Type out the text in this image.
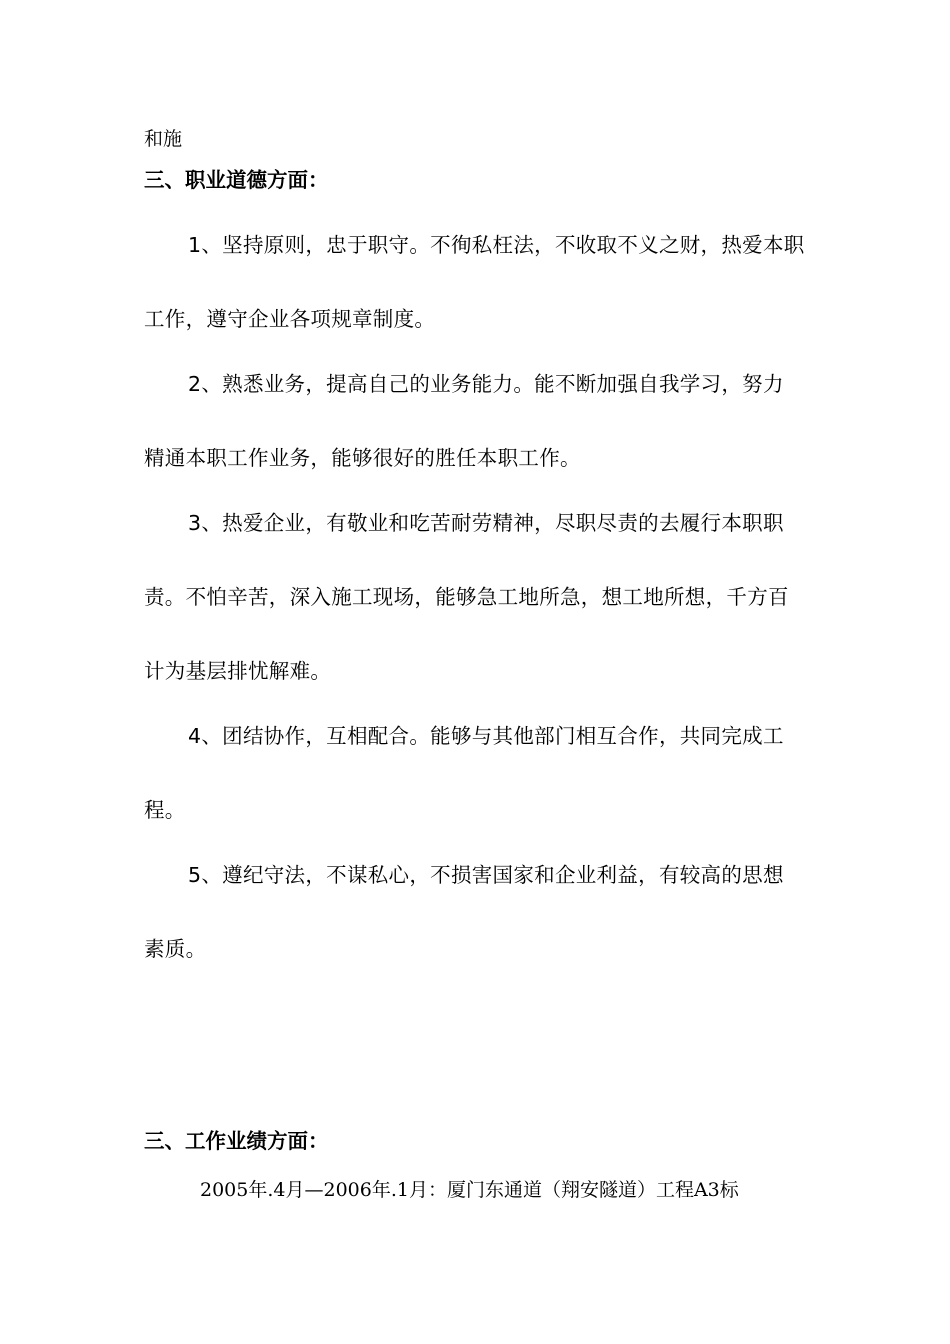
和施

三、职业道德方面：

1、坚持原则，忠于职守。不徇私枉法，不收取不义之财，热爱本职

工作，遵守企业各项规章制度。

2、熟悉业务，提高自己的业务能力。能不断加强自我学习，努力

精通本职工作业务，能够很好的胜任本职工作。

3、热爱企业，有敬业和吃苦耐劳精神，尽职尽责的去履行本职职

责。不怕辛苦，深入施工现场，能够急工地所急，想工地所想，千方百

计为基层排忧解难。

4、团结协作，互相配合。能够与其他部门相互合作，共同完成工

程。

5、遵纪守法，不谋私心，不损害国家和企业利益，有较高的思想

素质。

三、工作业绩方面：

2005年.4月—2006年.1月：厦门东通道（翔安隧道）工程A3标
